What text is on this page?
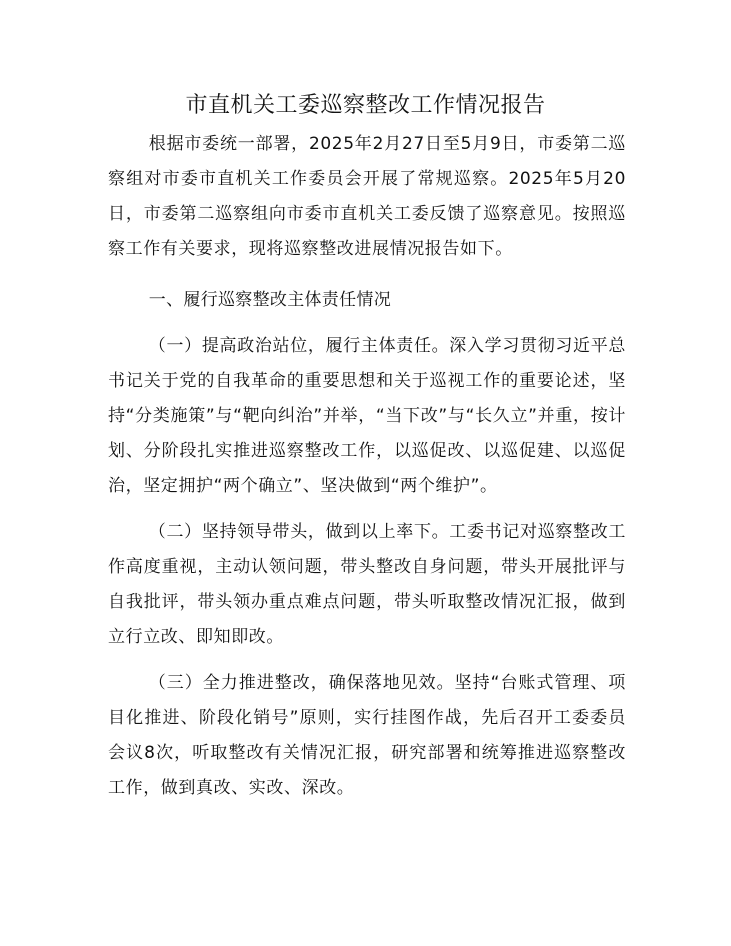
市直机关工委巡察整改工作情况报告

根据市委统一部署，2025年2月27日至5月9日，市委第二巡察组对市委市直机关工作委员会开展了常规巡察。2025年5月20日，市委第二巡察组向市委市直机关工委反馈了巡察意见。按照巡察工作有关要求，现将巡察整改进展情况报告如下。

一、履行巡察整改主体责任情况

（一）提高政治站位，履行主体责任。深入学习贯彻习近平总书记关于党的自我革命的重要思想和关于巡视工作的重要论述，坚持“分类施策”与“靶向纠治”并举，“当下改”与“长久立”并重，按计划、分阶段扎实推进巡察整改工作，以巡促改、以巡促建、以巡促治，坚定拥护“两个确立”、坚决做到“两个维护”。

（二）坚持领导带头，做到以上率下。工委书记对巡察整改工作高度重视，主动认领问题，带头整改自身问题，带头开展批评与自我批评，带头领办重点难点问题，带头听取整改情况汇报，做到立行立改、即知即改。

（三）全力推进整改，确保落地见效。坚持“台账式管理、项目化推进、阶段化销号”原则，实行挂图作战，先后召开工委委员会议8次，听取整改有关情况汇报，研究部署和统筹推进巡察整改工作，做到真改、实改、深改。
